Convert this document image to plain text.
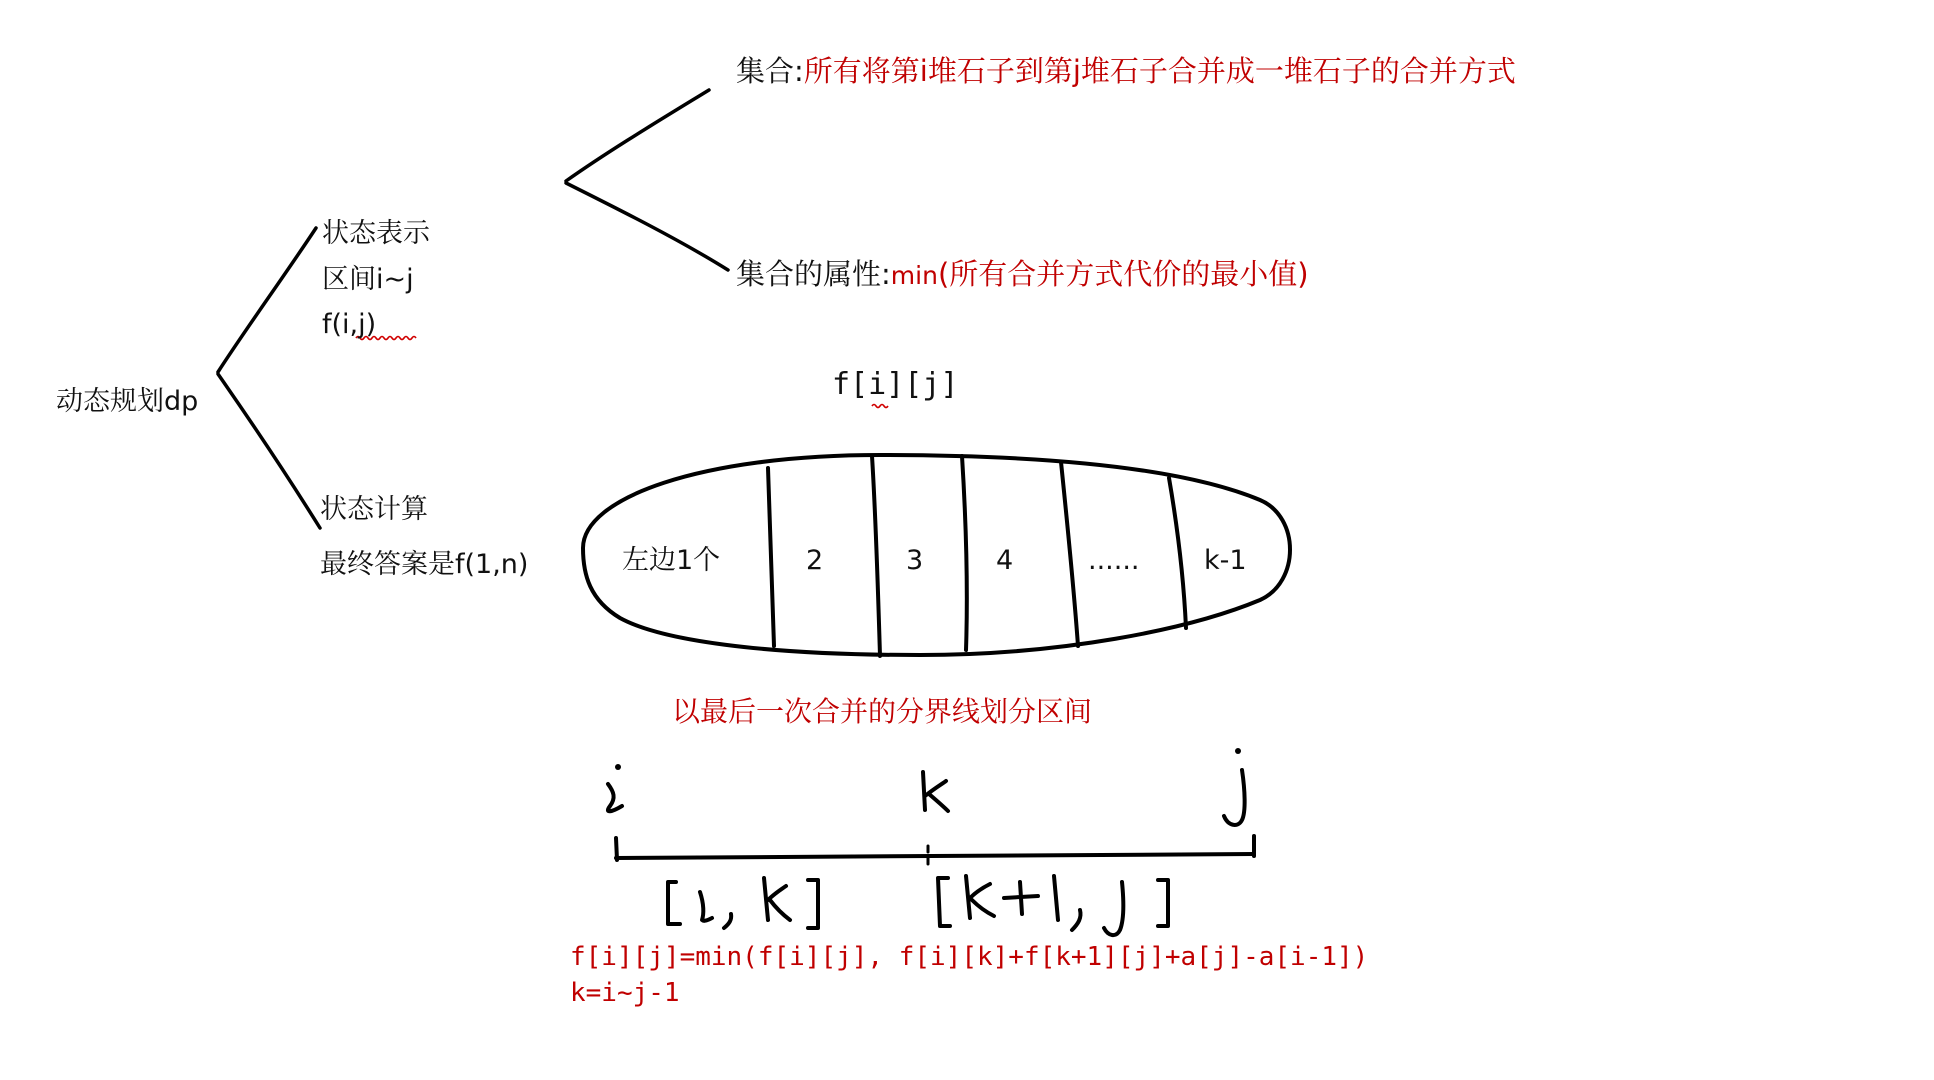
动态规划dp
状态表示
区间i~j
f(i,j)
状态计算
最终答案是f(1,n)
集合:所有将第i堆石子到第j堆石子合并成一堆石子的合并方式
集合的属性:min(所有合并方式代价的最小值)
f[i][j]
左边1个	2	3	4	...... k-1
以最后一次合并的分界线划分区间
f[i][j]=min(f[i][j], f[i][k]+f[k+1][j]+a[j]-a[i-1])
k=i~j-1
